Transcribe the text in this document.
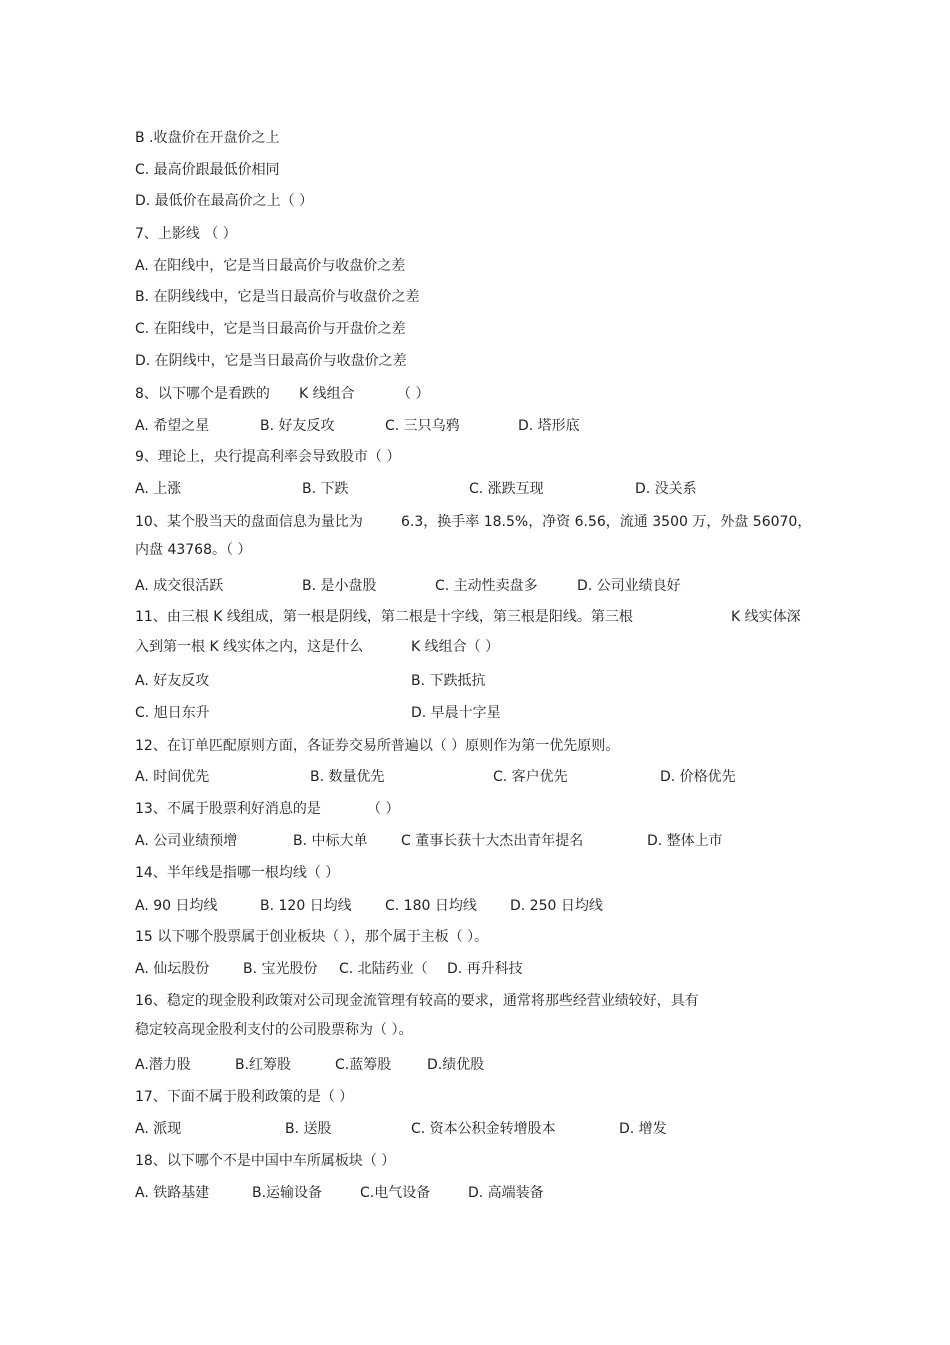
B .收盘价在开盘价之上
C. 最高价跟最低价相同
D. 最低价在最高价之上（ ）
7、上影线 （ ）
A. 在阳线中，它是当日最高价与收盘价之差
B. 在阴线线中，它是当日最高价与收盘价之差
C. 在阳线中，它是当日最高价与开盘价之差
D. 在阴线中，它是当日最高价与收盘价之差
8、以下哪个是看跌的 K 线组合	（ ）
A. 希望之星	B. 好友反攻	C. 三只乌鸦	D. 塔形底
9、理论上，央行提高利率会导致股市（ ）
A. 上涨	B. 下跌	C. 涨跌互现	D. 没关系
10、某个股当天的盘面信息为量比为	6.3，换手率 18.5%，净资 6.56，流通 3500 万，外盘 56070，
内盘 43768。（ ）
A. 成交很活跃	B. 是小盘股	C. 主动性卖盘多	D. 公司业绩良好
11、由三根 K 线组成，第一根是阴线，第二根是十字线，第三根是阳线。第三根	K 线实体深
入到第一根 K 线实体之内，这是什么	K 线组合（ ）
A. 好友反攻	B. 下跌抵抗
C. 旭日东升	D. 早晨十字星
12、在订单匹配原则方面，各证券交易所普遍以（ ）原则作为第一优先原则。
A. 时间优先	B. 数量优先	C. 客户优先	D. 价格优先
13、不属于股票利好消息的是	（ ）
A. 公司业绩预增	B. 中标大单 C 董事长获十大杰出青年提名	D. 整体上市
14、半年线是指哪一根均线（ ）
A. 90 日均线	B. 120 日均线 C. 180 日均线 D. 250 日均线
15 以下哪个股票属于创业板块（ ），那个属于主板（ ）。
A. 仙坛股份 B. 宝光股份 C. 北陆药业（ D. 再升科技
16、稳定的现金股利政策对公司现金流管理有较高的要求，通常将那些经营业绩较好，具有
稳定较高现金股利支付的公司股票称为（ ）。
A.潜力股	B.红筹股	C.蓝筹股	D.绩优股
17、下面不属于股利政策的是（ ）
A. 派现	B. 送股	C. 资本公积金转增股本	D. 增发
18、以下哪个不是中国中车所属板块（ ）
A. 铁路基建	B.运输设备	C.电气设备	D. 高端装备
